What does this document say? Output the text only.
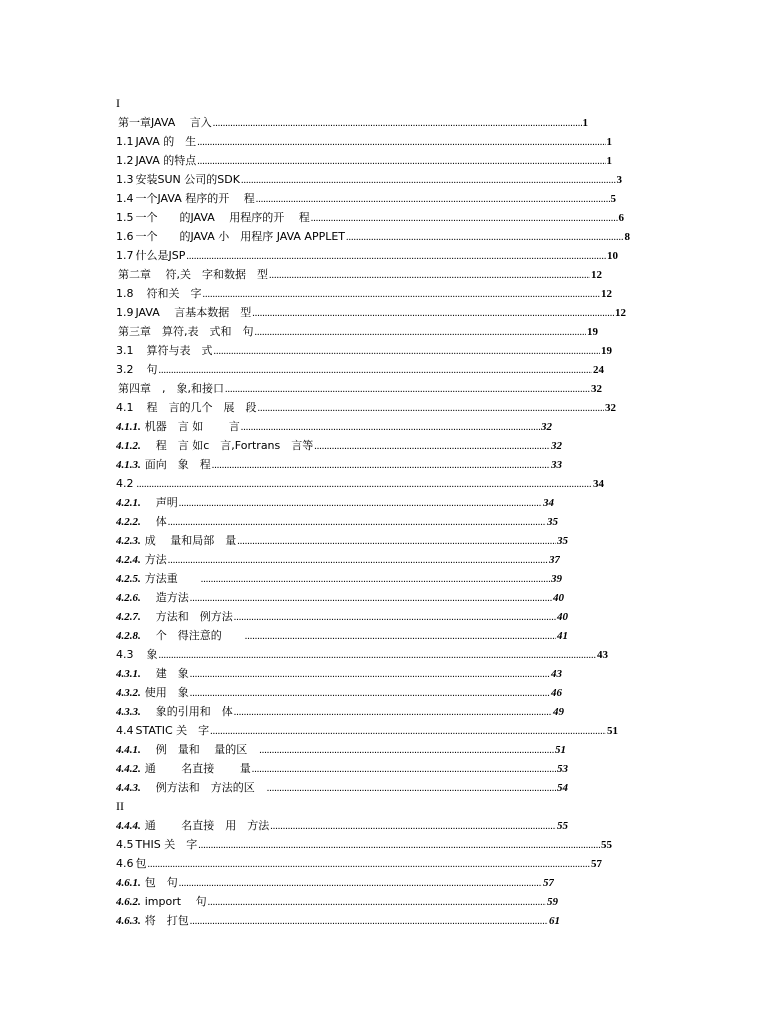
I
第一章JAVA　 言入 .....	1
1.1 JAVA 的　生 .....	1
1.2 JAVA 的特点 .....	1
1.3 安装SUN 公司的SDK .....	3
1.4 一个JAVA 程序的开　 程 .....	5
1.5 一个　　的JAVA　 用程序的开　 程 .....	6
1.6 一个　　的JAVA 小　用程序 JAVA APPLET .....	8
1.7 什么是JSP .....	10
第二章　 符,关　字和数据　型 .....	12
1.8 　符和关　字 .....	12
1.9 JAVA　 言基本数据　型 .....	12
第三章　算符,表　式和　句 .....	19
3.1 　算符与表　式 .....	19
3.2 　句 .....	24
第四章　,　象,和接口 .....	32
4.1 　程　言的几个　展　段 .....	32
4.1.1. 机器　言 如　　 言 .....	32
4.1.2. 　程　言 如c　言,Fortrans　言等 .....	32
4.1.3. 面向　象　程 .....	33
4.2 .....	34
4.2.1. 　声明 .....	34
4.2.2. 　体 .....	35
4.2.3. 成　 量和局部　量 .....	35
4.2.4. 方法 .....	37
4.2.5. 方法重　　 .....	39
4.2.6. 　造方法 .....	40
4.2.7. 　方法和　例方法 .....	40
4.2.8. 　个　得注意的　　 .....	41
4.3 　象 .....	43
4.3.1. 　建　象 .....	43
4.3.2. 使用　象 .....	46
4.3.3. 　象的引用和　体 .....	49
4.4 STATIC 关　字 .....	51
4.4.1. 　例　量和　 量的区　 .....	51
4.4.2. 通　　 名直接　　 量 .....	53
4.4.3. 　例方法和　方法的区　 .....	54
II
4.4.4. 通　　 名直接　用　方法 .....	55
4.5 THIS 关　字 .....	55
4.6 包 .....	57
4.6.1. 包　句 .....	57
4.6.2. import　 句 .....	59
4.6.3. 将　打包 .....	61
